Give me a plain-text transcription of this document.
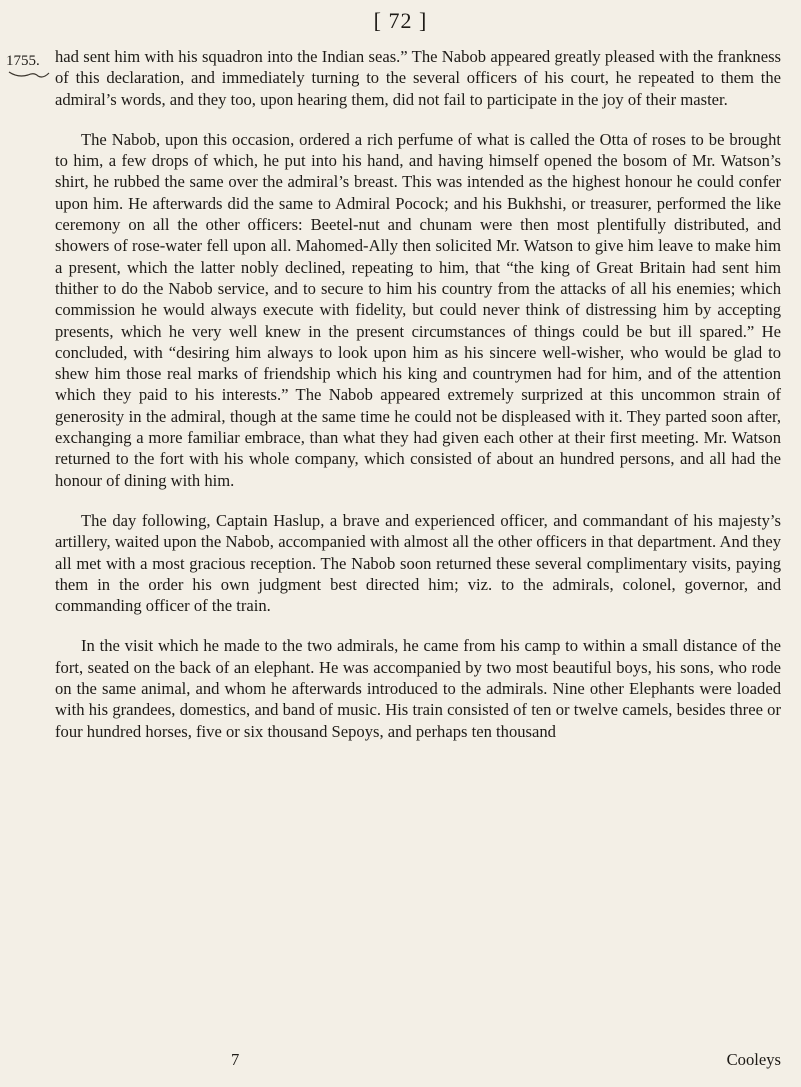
[ 72 ]
1755. had sent him with his squadron into the Indian seas.” The Nabob appeared greatly pleased with the frankness of this declaration, and immediately turning to the several officers of his court, he repeated to them the admiral’s words, and they too, upon hearing them, did not fail to participate in the joy of their master.

The Nabob, upon this occasion, ordered a rich perfume of what is called the Otta of roses to be brought to him, a few drops of which, he put into his hand, and having himself opened the bosom of Mr. Watson’s shirt, he rubbed the same over the admiral’s breast. This was intended as the highest honour he could confer upon him. He afterwards did the same to Admiral Pocock; and his Bukhshi, or treasurer, performed the like ceremony on all the other officers: Beetel-nut and chunam were then most plentifully distributed, and showers of rose-water fell upon all. Mahomed-Ally then solicited Mr. Watson to give him leave to make him a present, which the latter nobly declined, repeating to him, that “the king of Great Britain had sent him thither to do the Nabob service, and to secure to him his country from the attacks of all his enemies; which commission he would always execute with fidelity, but could never think of distressing him by accepting presents, which he very well knew in the present circumstances of things could be but ill spared.” He concluded, with “desiring him always to look upon him as his sincere well-wisher, who would be glad to shew him those real marks of friendship which his king and countrymen had for him, and of the attention which they paid to his interests.” The Nabob appeared extremely surprized at this uncommon strain of generosity in the admiral, though at the same time he could not be displeased with it. They parted soon after, exchanging a more familiar embrace, than what they had given each other at their first meeting. Mr. Watson returned to the fort with his whole company, which consisted of about an hundred persons, and all had the honour of dining with him.

The day following, Captain Haslup, a brave and experienced officer, and commandant of his majesty’s artillery, waited upon the Nabob, accompanied with almost all the other officers in that department. And they all met with a most gracious reception. The Nabob soon returned these several complimentary visits, paying them in the order his own judgment best directed him; viz. to the admirals, colonel, governor, and commanding officer of the train.

In the visit which he made to the two admirals, he came from his camp to within a small distance of the fort, seated on the back of an elephant. He was accompanied by two most beautiful boys, his sons, who rode on the same animal, and whom he afterwards introduced to the admirals. Nine other Elephants were loaded with his grandees, domestics, and band of music. His train consisted of ten or twelve camels, besides three or four hundred horses, five or six thousand Sepoys, and perhaps ten thousand

7	Cooleys
